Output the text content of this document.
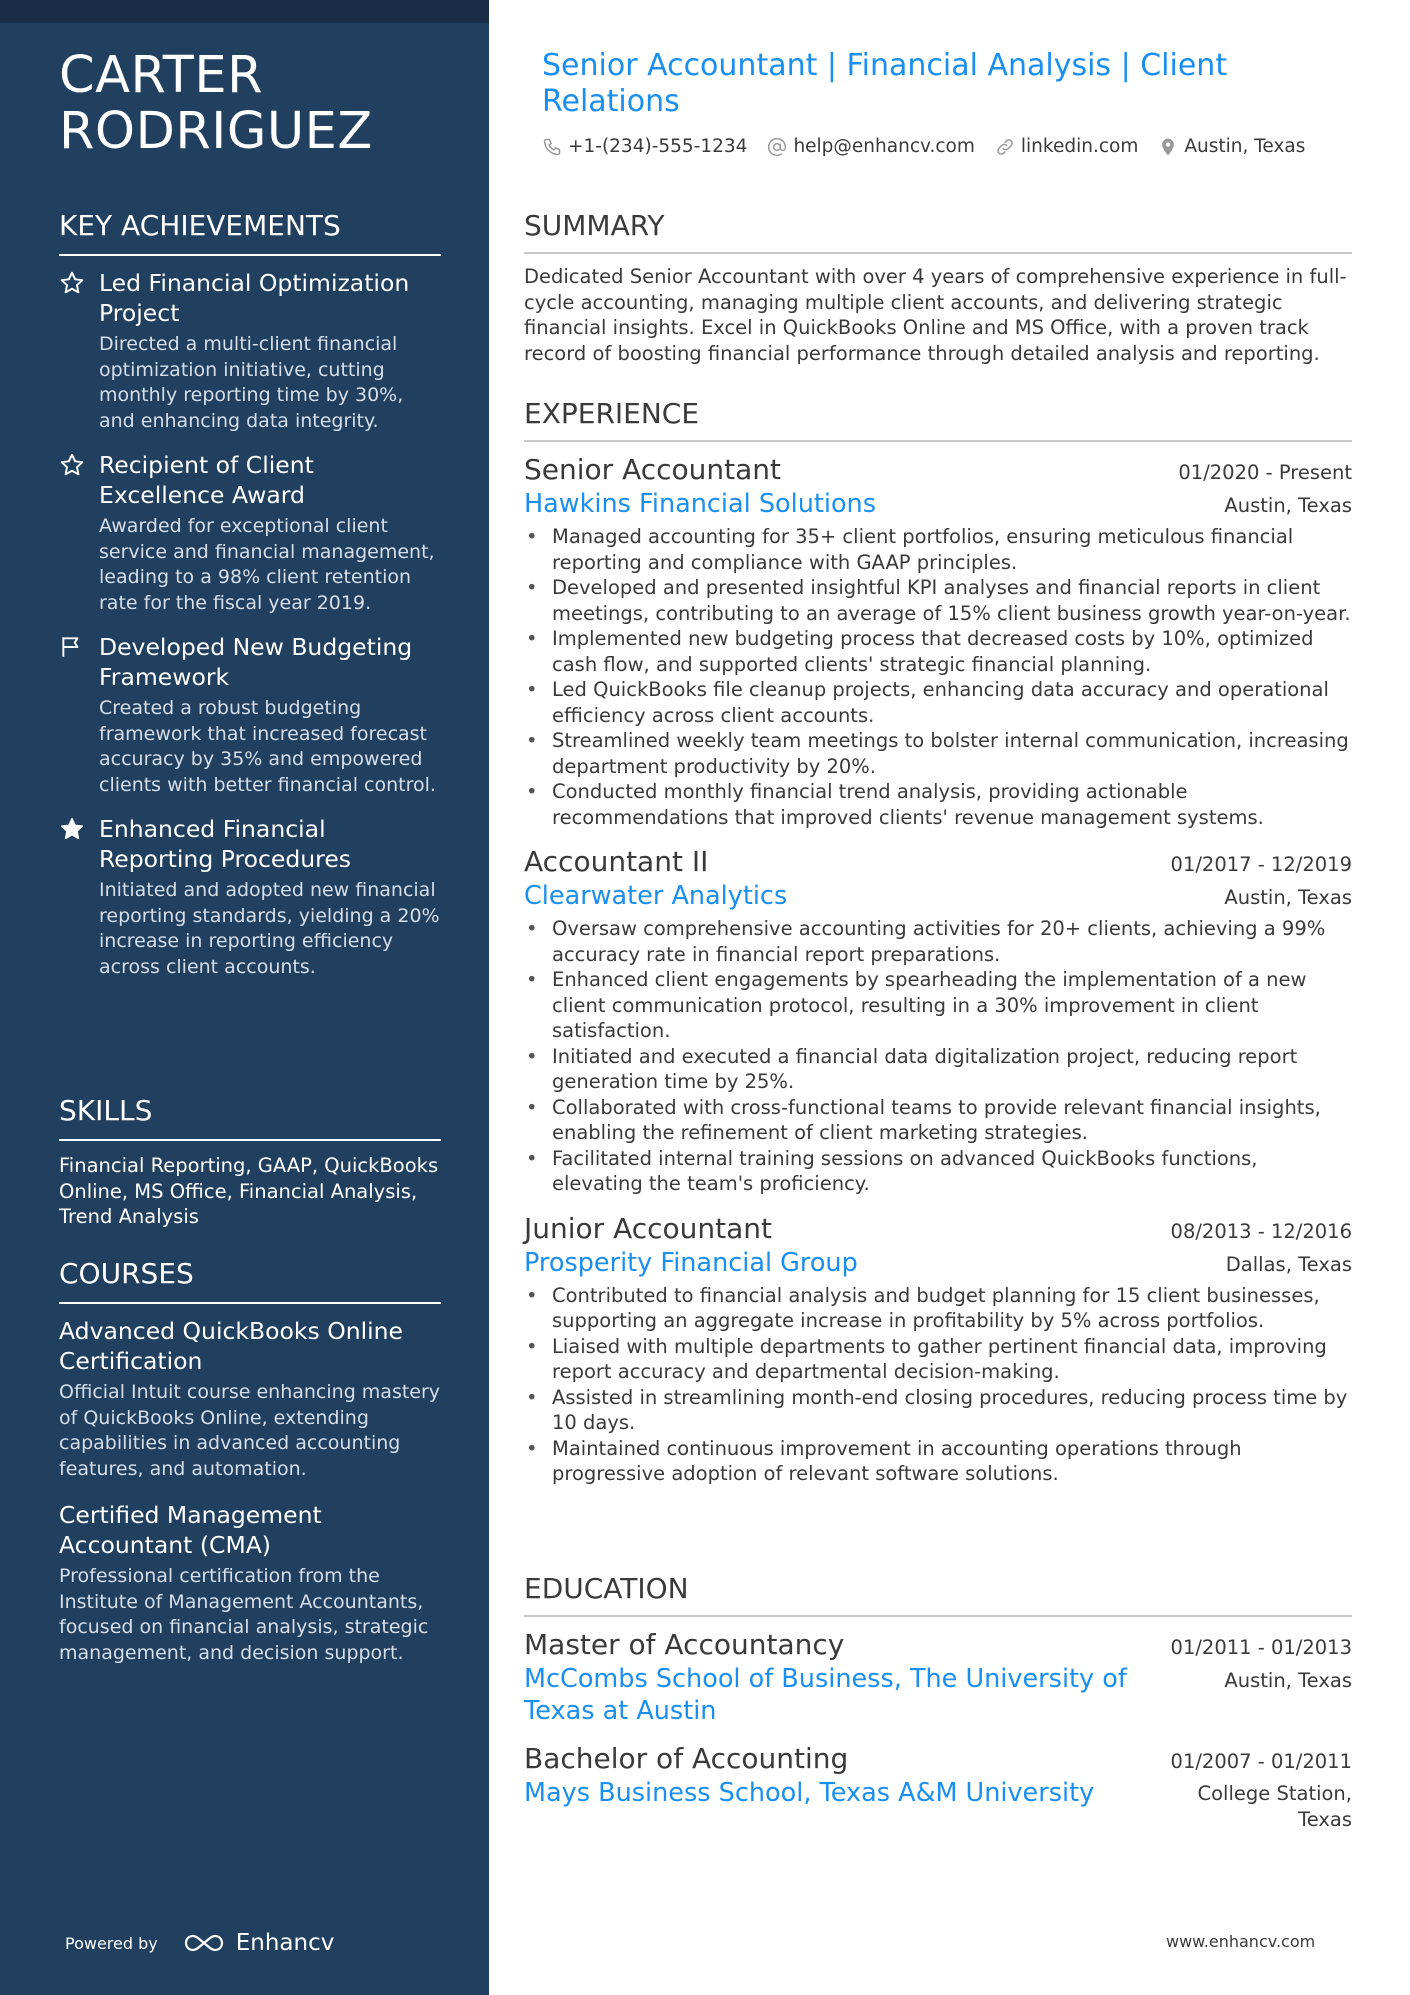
CARTER RODRIGUEZ
KEY ACHIEVEMENTS
Led Financial Optimization Project
Directed a multi-client financial optimization initiative, cutting monthly reporting time by 30%, and enhancing data integrity.
Recipient of Client Excellence Award
Awarded for exceptional client service and financial management, leading to a 98% client retention rate for the fiscal year 2019.
Developed New Budgeting Framework
Created a robust budgeting framework that increased forecast accuracy by 35% and empowered clients with better financial control.
Enhanced Financial Reporting Procedures
Initiated and adopted new financial reporting standards, yielding a 20% increase in reporting efficiency across client accounts.
SKILLS
Financial Reporting, GAAP, QuickBooks Online, MS Office, Financial Analysis, Trend Analysis
COURSES
Advanced QuickBooks Online Certification
Official Intuit course enhancing mastery of QuickBooks Online, extending capabilities in advanced accounting features, and automation.
Certified Management Accountant (CMA)
Professional certification from the Institute of Management Accountants, focused on financial analysis, strategic management, and decision support.
Powered by	Enhancv
Senior Accountant | Financial Analysis | Client Relations
+1-(234)-555-1234 help@enhancv.com linkedin.com Austin, Texas
SUMMARY
Dedicated Senior Accountant with over 4 years of comprehensive experience in full-cycle accounting, managing multiple client accounts, and delivering strategic financial insights. Excel in QuickBooks Online and MS Office, with a proven track record of boosting financial performance through detailed analysis and reporting.
EXPERIENCE
Senior Accountant	01/2020 - Present
Hawkins Financial Solutions	Austin, Texas
• Managed accounting for 35+ client portfolios, ensuring meticulous financial reporting and compliance with GAAP principles.
• Developed and presented insightful KPI analyses and financial reports in client meetings, contributing to an average of 15% client business growth year-on-year.
• Implemented new budgeting process that decreased costs by 10%, optimized cash flow, and supported clients' strategic financial planning.
• Led QuickBooks file cleanup projects, enhancing data accuracy and operational efficiency across client accounts.
• Streamlined weekly team meetings to bolster internal communication, increasing department productivity by 20%.
• Conducted monthly financial trend analysis, providing actionable recommendations that improved clients' revenue management systems.
Accountant II	01/2017 - 12/2019
Clearwater Analytics	Austin, Texas
• Oversaw comprehensive accounting activities for 20+ clients, achieving a 99% accuracy rate in financial report preparations.
• Enhanced client engagements by spearheading the implementation of a new client communication protocol, resulting in a 30% improvement in client satisfaction.
• Initiated and executed a financial data digitalization project, reducing report generation time by 25%.
• Collaborated with cross-functional teams to provide relevant financial insights, enabling the refinement of client marketing strategies.
• Facilitated internal training sessions on advanced QuickBooks functions, elevating the team's proficiency.
Junior Accountant	08/2013 - 12/2016
Prosperity Financial Group	Dallas, Texas
• Contributed to financial analysis and budget planning for 15 client businesses, supporting an aggregate increase in profitability by 5% across portfolios.
• Liaised with multiple departments to gather pertinent financial data, improving report accuracy and departmental decision-making.
• Assisted in streamlining month-end closing procedures, reducing process time by 10 days.
• Maintained continuous improvement in accounting operations through progressive adoption of relevant software solutions.
EDUCATION
Master of Accountancy	01/2011 - 01/2013
McCombs School of Business, The University of Texas at Austin
Austin, Texas
Bachelor of Accounting	01/2007 - 01/2011
Mays Business School, Texas A&M University	College Station, Texas
www.enhancv.com
